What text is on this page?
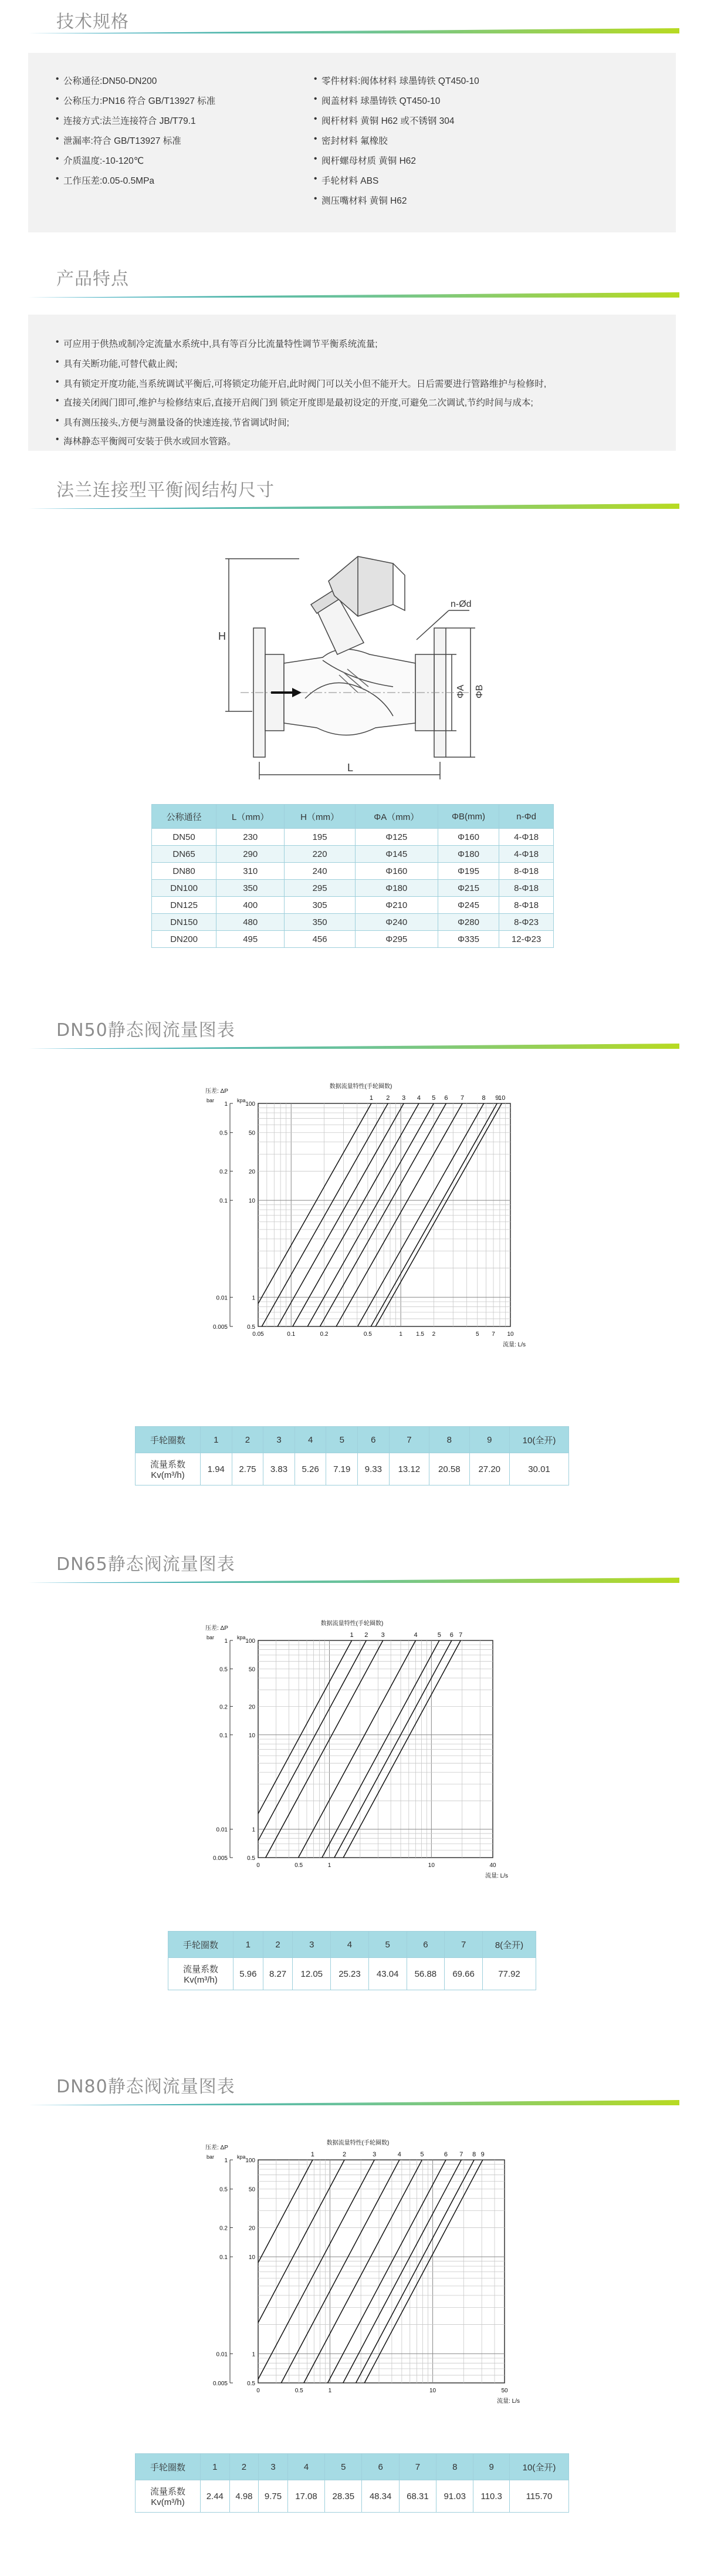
技术规格
• 公称通径:DN50-DN200
• 公称压力:PN16 符合 GB/T13927 标准
• 连接方式:法兰连接符合 JB/T79.1
• 泄漏率:符合 GB/T13927 标准
• 介质温度:-10-120℃
• 工作压差:0.05-0.5MPa
• 零件材料:阀体材料 球墨铸铁 QT450-10
• 阀盖材料 球墨铸铁 QT450-10
• 阀杆材料 黄铜 H62 或不锈钢 304
• 密封材料 氟橡胶
• 阀杆螺母材质 黄铜 H62
• 手轮材料 ABS
• 测压嘴材料 黄铜 H62
产品特点
• 可应用于供热或制冷定流量水系统中,具有等百分比流量特性调节平衡系统流量;
• 具有关断功能,可替代截止阀;
• 具有锁定开度功能,当系统调试平衡后,可将锁定功能开启,此时阀门可以关小但不能开大。日后需要进行管路维护与检修时,
• 直接关闭阀门即可,维护与检修结束后,直接开启阀门到 锁定开度即是最初设定的开度,可避免二次调试,节约时间与成本;
• 具有测压接头,方便与测量设备的快速连接,节省调试时间;
• 海林静态平衡阀可安装于供水或回水管路。
法兰连接型平衡阀结构尺寸
H
L
ΦA ΦB
n-Ød
公称通径	L（mm）	H（mm）	ΦA（mm）	ΦB(mm)	n-Φd
DN50	230	195	Φ125	Φ160	4-Φ18
DN65	290	220	Φ145	Φ180	4-Φ18
DN80	310	240	Φ160	Φ195	8-Φ18
DN100	350	295	Φ180	Φ215	8-Φ18
DN125	400	305	Φ210	Φ245	8-Φ18
DN150	480	350	Φ240	Φ280	8-Φ23
DN200	495	456	Φ295	Φ335	12-Φ23
DN50静态阀流量图表
1 2 3 4 5 6 7	8 9
10
数据流量特性(手轮圈数)
压差: ΔP
bar	kpa
100
1
50
0.5
20
0.2
10
0.1
1
0.01
0.5
0.005
0.05	0.1	0.2	0.5	1 1.5 2	5 7 10
流量: L/s
手轮圈数	1	2	3	4	5	6	7	8	9	10(全开)
流量系数Kv(m³/h)	1.94	2.75	3.83	5.26	7.19	9.33	13.12	20.58	27.20	30.01
DN65静态阀流量图表
1 2 3	4	5 6 7
数据流量特性(手轮圈数)
压差: ΔP
bar	kpa
100
1
50
0.5
20
0.2
10
0.1
1
0.01
0.5
0.005
0	0.5	1	10	40
流量: L/s
手轮圈数	1	2	3	4	5	6	7	8(全开)
流量系数Kv(m³/h)	5.96	8.27	12.05	25.23	43.04	56.88	69.66	77.92
DN80静态阀流量图表
1	2	3	4	5	6 7 8 9
数据流量特性(手轮圈数)
压差: ΔP
bar	kpa
100
1
50
0.5
20
0.2
10
0.1
1
0.01
0.5
0.005
0	0.5	1	10	50
流量: L/s
手轮圈数	1	2	3	4	5	6	7	8	9	10(全开)
流量系数Kv(m³/h)	2.44	4.98	9.75	17.08	28.35	48.34	68.31	91.03	110.3	115.70
